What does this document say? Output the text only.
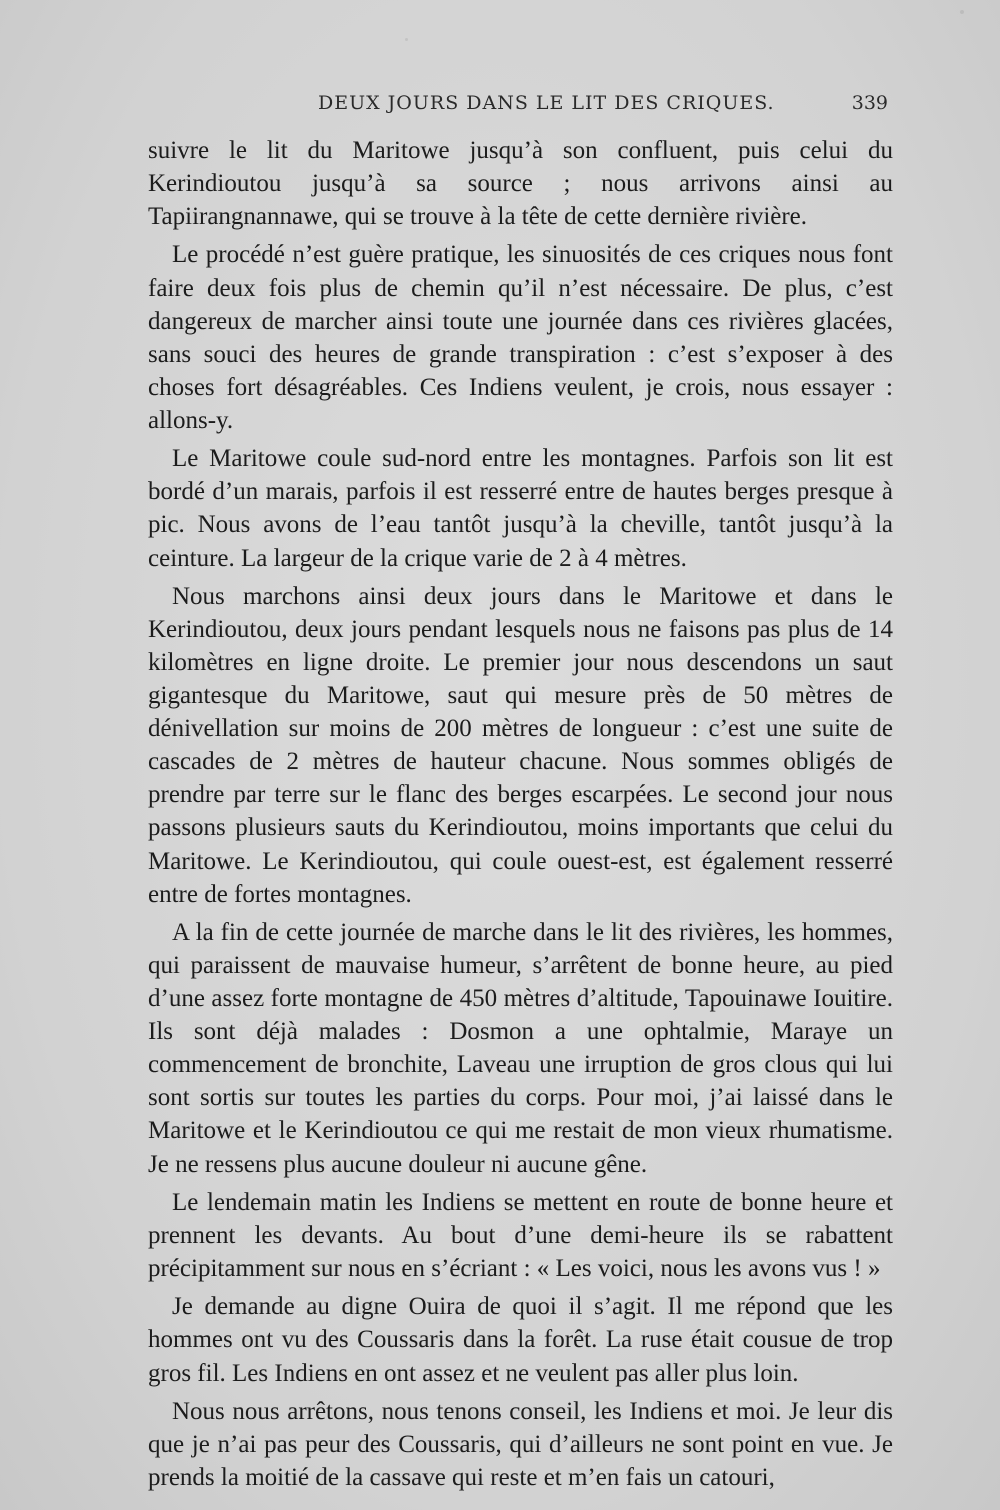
DEUX JOURS DANS LE LIT DES CRIQUES.	339

suivre le lit du Maritowe jusqu’à son confluent, puis celui du Kerindioutou jusqu’à sa source ; nous arrivons ainsi au Tapiirangnannawe, qui se trouve à la tête de cette dernière rivière.

Le procédé n’est guère pratique, les sinuosités de ces criques nous font faire deux fois plus de chemin qu’il n’est nécessaire. De plus, c’est dangereux de marcher ainsi toute une journée dans ces rivières glacées, sans souci des heures de grande transpiration : c’est s’exposer à des choses fort désagréables. Ces Indiens veulent, je crois, nous essayer : allons-y.

Le Maritowe coule sud-nord entre les montagnes. Parfois son lit est bordé d’un marais, parfois il est resserré entre de hautes berges presque à pic. Nous avons de l’eau tantôt jusqu’à la cheville, tantôt jusqu’à la ceinture. La largeur de la crique varie de 2 à 4 mètres.

Nous marchons ainsi deux jours dans le Maritowe et dans le Kerindioutou, deux jours pendant lesquels nous ne faisons pas plus de 14 kilomètres en ligne droite. Le premier jour nous descendons un saut gigantesque du Maritowe, saut qui mesure près de 50 mètres de dénivellation sur moins de 200 mètres de longueur : c’est une suite de cascades de 2 mètres de hauteur chacune. Nous sommes obligés de prendre par terre sur le flanc des berges escarpées. Le second jour nous passons plusieurs sauts du Kerindioutou, moins importants que celui du Maritowe. Le Kerindioutou, qui coule ouest-est, est également resserré entre de fortes montagnes.

A la fin de cette journée de marche dans le lit des rivières, les hommes, qui paraissent de mauvaise humeur, s’arrêtent de bonne heure, au pied d’une assez forte montagne de 450 mètres d’altitude, Tapouinawe Iouitire. Ils sont déjà malades : Dosmon a une ophtalmie, Maraye un commencement de bronchite, Laveau une irruption de gros clous qui lui sont sortis sur toutes les parties du corps. Pour moi, j’ai laissé dans le Maritowe et le Kerindioutou ce qui me restait de mon vieux rhumatisme. Je ne ressens plus aucune douleur ni aucune gêne.

Le lendemain matin les Indiens se mettent en route de bonne heure et prennent les devants. Au bout d’une demi-heure ils se rabattent précipitamment sur nous en s’écriant : « Les voici, nous les avons vus ! »

Je demande au digne Ouira de quoi il s’agit. Il me répond que les hommes ont vu des Coussaris dans la forêt. La ruse était cousue de trop gros fil. Les Indiens en ont assez et ne veulent pas aller plus loin.

Nous nous arrêtons, nous tenons conseil, les Indiens et moi. Je leur dis que je n’ai pas peur des Coussaris, qui d’ailleurs ne sont point en vue. Je prends la moitié de la cassave qui reste et m’en fais un catouri,
